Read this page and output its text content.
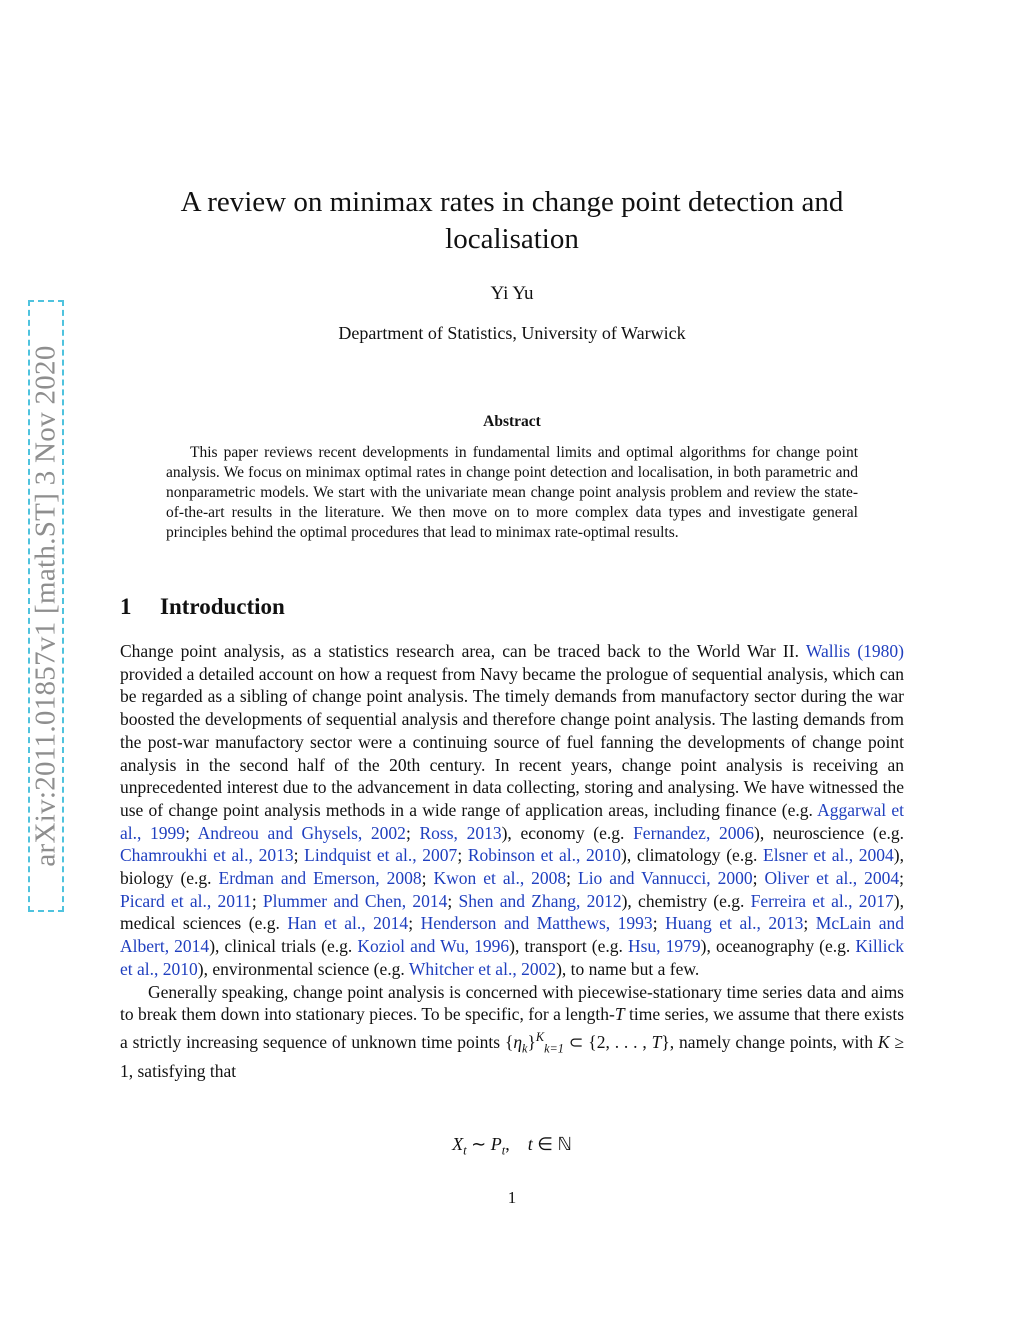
arXiv:2011.01857v1 [math.ST] 3 Nov 2020
A review on minimax rates in change point detection and localisation
Yi Yu
Department of Statistics, University of Warwick
Abstract

This paper reviews recent developments in fundamental limits and optimal algorithms for change point analysis. We focus on minimax optimal rates in change point detection and localisation, in both parametric and nonparametric models. We start with the univariate mean change point analysis problem and review the state-of-the-art results in the literature. We then move on to more complex data types and investigate general principles behind the optimal procedures that lead to minimax rate-optimal results.

1 Introduction

Change point analysis, as a statistics research area, can be traced back to the World War II. Wallis (1980) provided a detailed account on how a request from Navy became the prologue of sequential analysis, which can be regarded as a sibling of change point analysis. The timely demands from manufactory sector during the war boosted the developments of sequential analysis and therefore change point analysis. The lasting demands from the post-war manufactory sector were a continuing source of fuel fanning the developments of change point analysis in the second half of the 20th century. In recent years, change point analysis is receiving an unprecedented interest due to the advancement in data collecting, storing and analysing. We have witnessed the use of change point analysis methods in a wide range of application areas, including finance (e.g. Aggarwal et al., 1999; Andreou and Ghysels, 2002; Ross, 2013), economy (e.g. Fernandez, 2006), neuroscience (e.g. Chamroukhi et al., 2013; Lindquist et al., 2007; Robinson et al., 2010), climatology (e.g. Elsner et al., 2004), biology (e.g. Erdman and Emerson, 2008; Kwon et al., 2008; Lio and Vannucci, 2000; Oliver et al., 2004; Picard et al., 2011; Plummer and Chen, 2014; Shen and Zhang, 2012), chemistry (e.g. Ferreira et al., 2017), medical sciences (e.g. Han et al., 2014; Henderson and Matthews, 1993; Huang et al., 2013; McLain and Albert, 2014), clinical trials (e.g. Koziol and Wu, 1996), transport (e.g. Hsu, 1979), oceanography (e.g. Killick et al., 2010), environmental science (e.g. Whitcher et al., 2002), to name but a few.

Generally speaking, change point analysis is concerned with piecewise-stationary time series data and aims to break them down into stationary pieces. To be specific, for a length-T time series, we assume that there exists a strictly increasing sequence of unknown time points $\{\eta_k\}^K_{k=1}$ ⊂ {2, . . . , T}, namely change points, with K ≥ 1, satisfying that

$X_t$ ∼ $P_t$, t ∈ ℕ
1
